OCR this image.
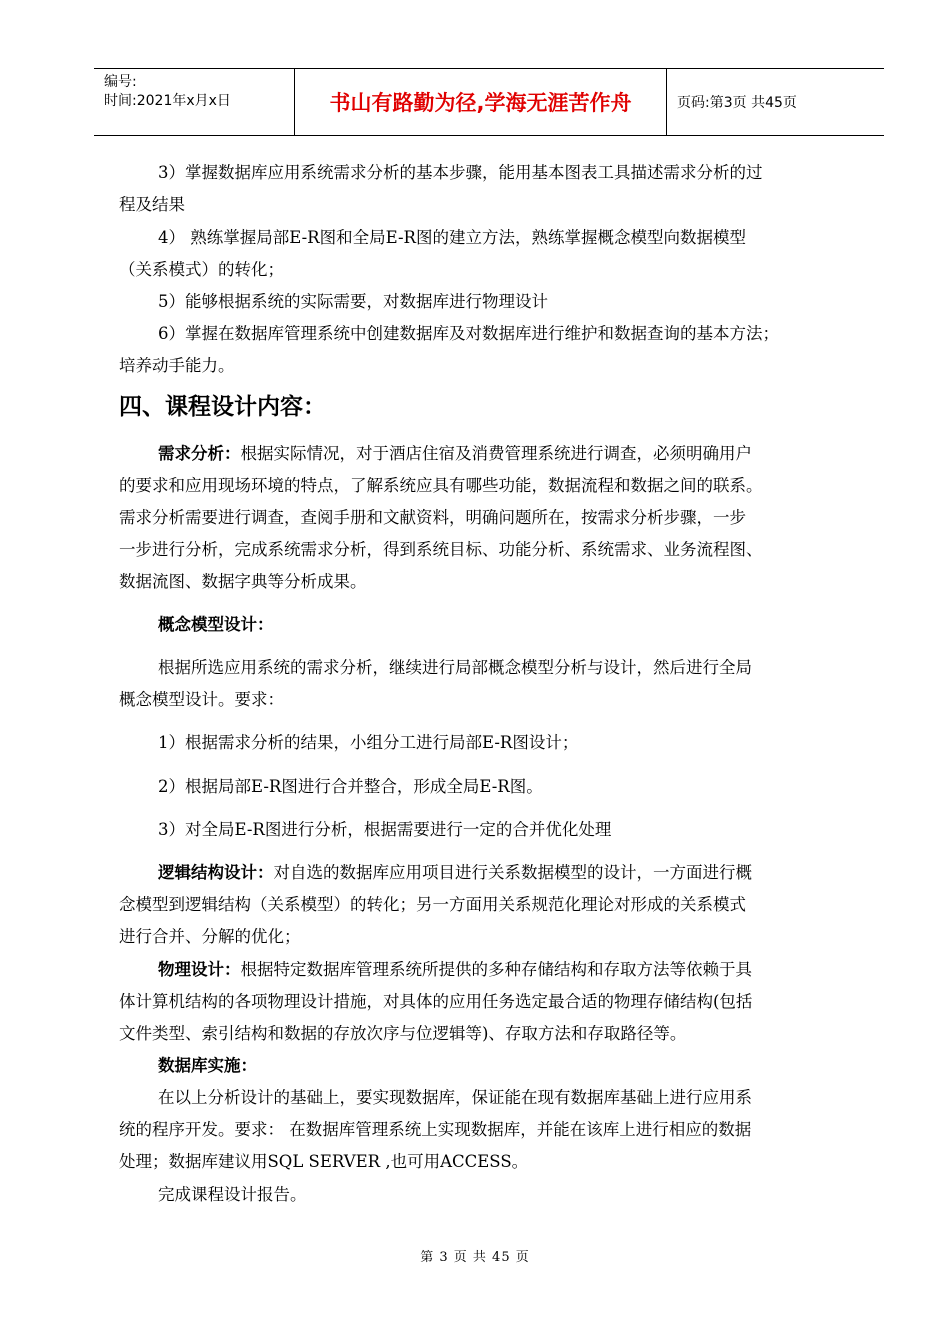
编号:
时间:2021年x月x日	书山有路勤为径,学海无涯苦作舟	页码:第3页 共45页
3）掌握数据库应用系统需求分析的基本步骤，能用基本图表工具描述需求分析的过
程及结果
4） 熟练掌握局部E-R图和全局E-R图的建立方法，熟练掌握概念模型向数据模型
（关系模式）的转化；
5）能够根据系统的实际需要，对数据库进行物理设计
6）掌握在数据库管理系统中创建数据库及对数据库进行维护和数据查询的基本方法；
培养动手能力。
四、课程设计内容：
需求分析：根据实际情况，对于酒店住宿及消费管理系统进行调查，必须明确用户
的要求和应用现场环境的特点，了解系统应具有哪些功能，数据流程和数据之间的联系。
需求分析需要进行调查，查阅手册和文献资料，明确问题所在，按需求分析步骤，一步
一步进行分析，完成系统需求分析，得到系统目标、功能分析、系统需求、业务流程图、
数据流图、数据字典等分析成果。
概念模型设计：
根据所选应用系统的需求分析，继续进行局部概念模型分析与设计，然后进行全局
概念模型设计。要求：
1）根据需求分析的结果，小组分工进行局部E-R图设计；
2）根据局部E-R图进行合并整合，形成全局E-R图。
3）对全局E-R图进行分析，根据需要进行一定的合并优化处理
逻辑结构设计：对自选的数据库应用项目进行关系数据模型的设计，一方面进行概
念模型到逻辑结构（关系模型）的转化；另一方面用关系规范化理论对形成的关系模式
进行合并、分解的优化；
物理设计：根据特定数据库管理系统所提供的多种存储结构和存取方法等依赖于具
体计算机结构的各项物理设计措施，对具体的应用任务选定最合适的物理存储结构(包括
文件类型、索引结构和数据的存放次序与位逻辑等)、存取方法和存取路径等。
数据库实施：
在以上分析设计的基础上，要实现数据库，保证能在现有数据库基础上进行应用系
统的程序开发。要求： 在数据库管理系统上实现数据库，并能在该库上进行相应的数据
处理；数据库建议用SQL SERVER ,也可用ACCESS。
完成课程设计报告。
第 3 页 共 45 页
